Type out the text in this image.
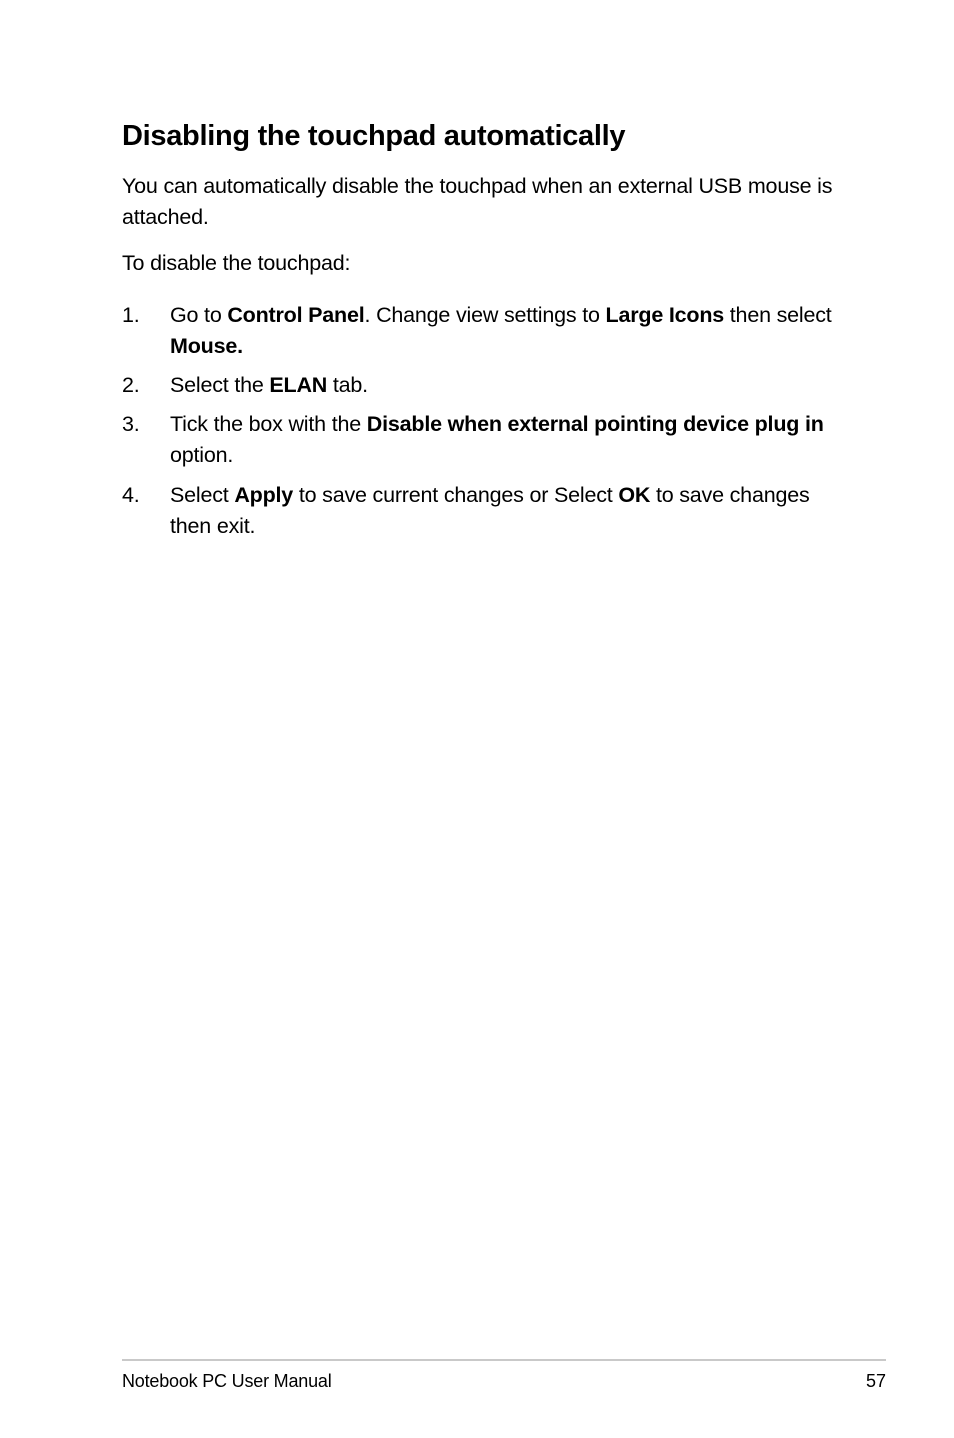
Disabling the touchpad automatically

You can automatically disable the touchpad when an external USB mouse is attached.

To disable the touchpad:

1. Go to Control Panel. Change view settings to Large Icons then select Mouse.
2. Select the ELAN tab.
3. Tick the box with the Disable when external pointing device plug in option.
4. Select Apply to save current changes or Select OK to save changes then exit.
Notebook PC User Manual	57
